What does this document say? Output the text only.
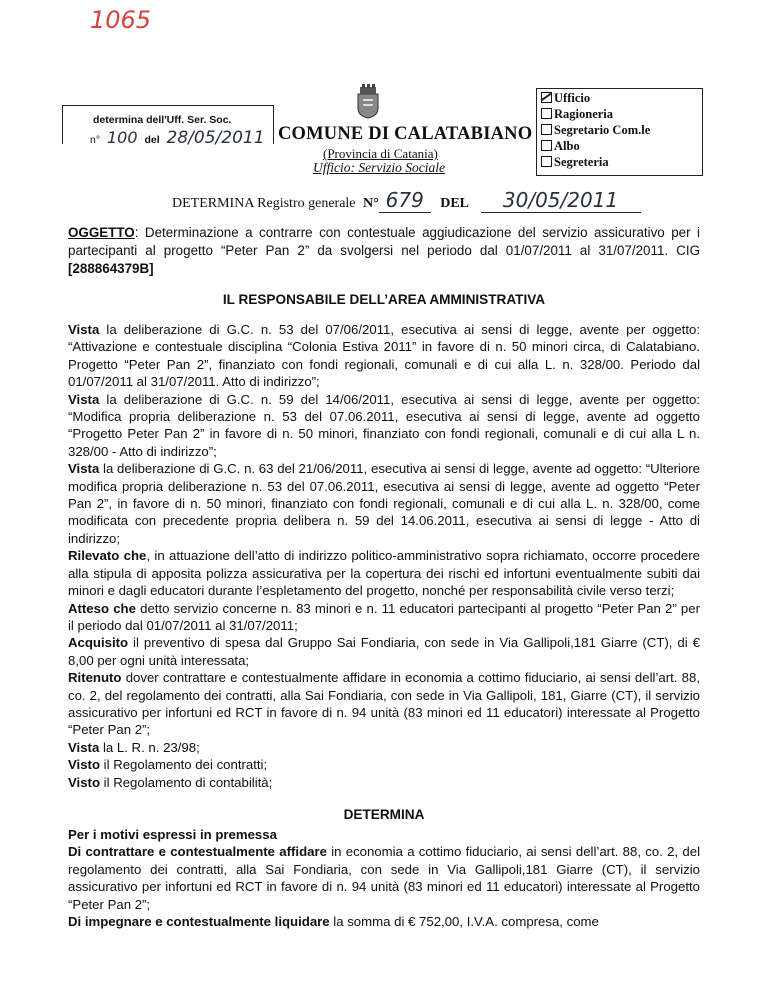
1065
determina dell'Uff. Ser. Soc.
n° 100 del 28/05/2011 COMUNE DI CALATABIANO
(Provincia di Catania)
Ufficio: Servizio Sociale
Ufficio
Ragioneria
Segretario Com.le
Albo
Segreteria
DETERMINA Registro generale N° 679 DEL 30/05/2011

OGGETTO: Determinazione a contrarre con contestuale aggiudicazione del servizio assicurativo per i partecipanti al progetto “Peter Pan 2” da svolgersi nel periodo dal 01/07/2011 al 31/07/2011. CIG [288864379B]

IL RESPONSABILE DELL’AREA AMMINISTRATIVA

Vista la deliberazione di G.C. n. 53 del 07/06/2011, esecutiva ai sensi di legge, avente per oggetto: “Attivazione e contestuale disciplina “Colonia Estiva 2011” in favore di n. 50 minori circa, di Calatabiano. Progetto “Peter Pan 2”, finanziato con fondi regionali, comunali e di cui alla L. n. 328/00. Periodo dal 01/07/2011 al 31/07/2011. Atto di indirizzo”;

Vista la deliberazione di G.C. n. 59 del 14/06/2011, esecutiva ai sensi di legge, avente per oggetto: “Modifica propria deliberazione n. 53 del 07.06.2011, esecutiva ai sensi di legge, avente ad oggetto “Progetto Peter Pan 2” in favore di n. 50 minori, finanziato con fondi regionali, comunali e di cui alla L n. 328/00 - Atto di indirizzo”;

Vista la deliberazione di G.C. n. 63 del 21/06/2011, esecutiva ai sensi di legge, avente ad oggetto: “Ulteriore modifica propria deliberazione n. 53 del 07.06.2011, esecutiva ai sensi di legge, avente ad oggetto “Peter Pan 2”, in favore di n. 50 minori, finanziato con fondi regionali, comunali e di cui alla L. n. 328/00, come modificata con precedente propria delibera n. 59 del 14.06.2011, esecutiva ai sensi di legge - Atto di indirizzo;

Rilevato che, in attuazione dell’atto di indirizzo politico-amministrativo sopra richiamato, occorre procedere alla stipula di apposita polizza assicurativa per la copertura dei rischi ed infortuni eventualmente subiti dai minori e dagli educatori durante l’espletamento del progetto, nonché per responsabilità civile verso terzi;

Atteso che detto servizio concerne n. 83 minori e n. 11 educatori partecipanti al progetto “Peter Pan 2” per il periodo dal 01/07/2011 al 31/07/2011;

Acquisito il preventivo di spesa dal Gruppo Sai Fondiaria, con sede in Via Gallipoli,181 Giarre (CT), di € 8,00 per ogni unità interessata;

Ritenuto dover contrattare e contestualmente affidare in economia a cottimo fiduciario, ai sensi dell’art. 88, co. 2, del regolamento dei contratti, alla Sai Fondiaria, con sede in Via Gallipoli, 181, Giarre (CT), il servizio assicurativo per infortuni ed RCT in favore di n. 94 unità (83 minori ed 11 educatori) interessate al Progetto “Peter Pan 2”;

Vista la L. R. n. 23/98;

Visto il Regolamento dei contratti;

Visto il Regolamento di contabilità;

DETERMINA

Per i motivi espressi in premessa

Di contrattare e contestualmente affidare in economia a cottimo fiduciario, ai sensi dell’art. 88, co. 2, del regolamento dei contratti, alla Sai Fondiaria, con sede in Via Gallipoli,181 Giarre (CT), il servizio assicurativo per infortuni ed RCT in favore di n. 94 unità (83 minori ed 11 educatori) interessate al Progetto “Peter Pan 2”;

Di impegnare e contestualmente liquidare la somma di € 752,00, I.V.A. compresa, come
